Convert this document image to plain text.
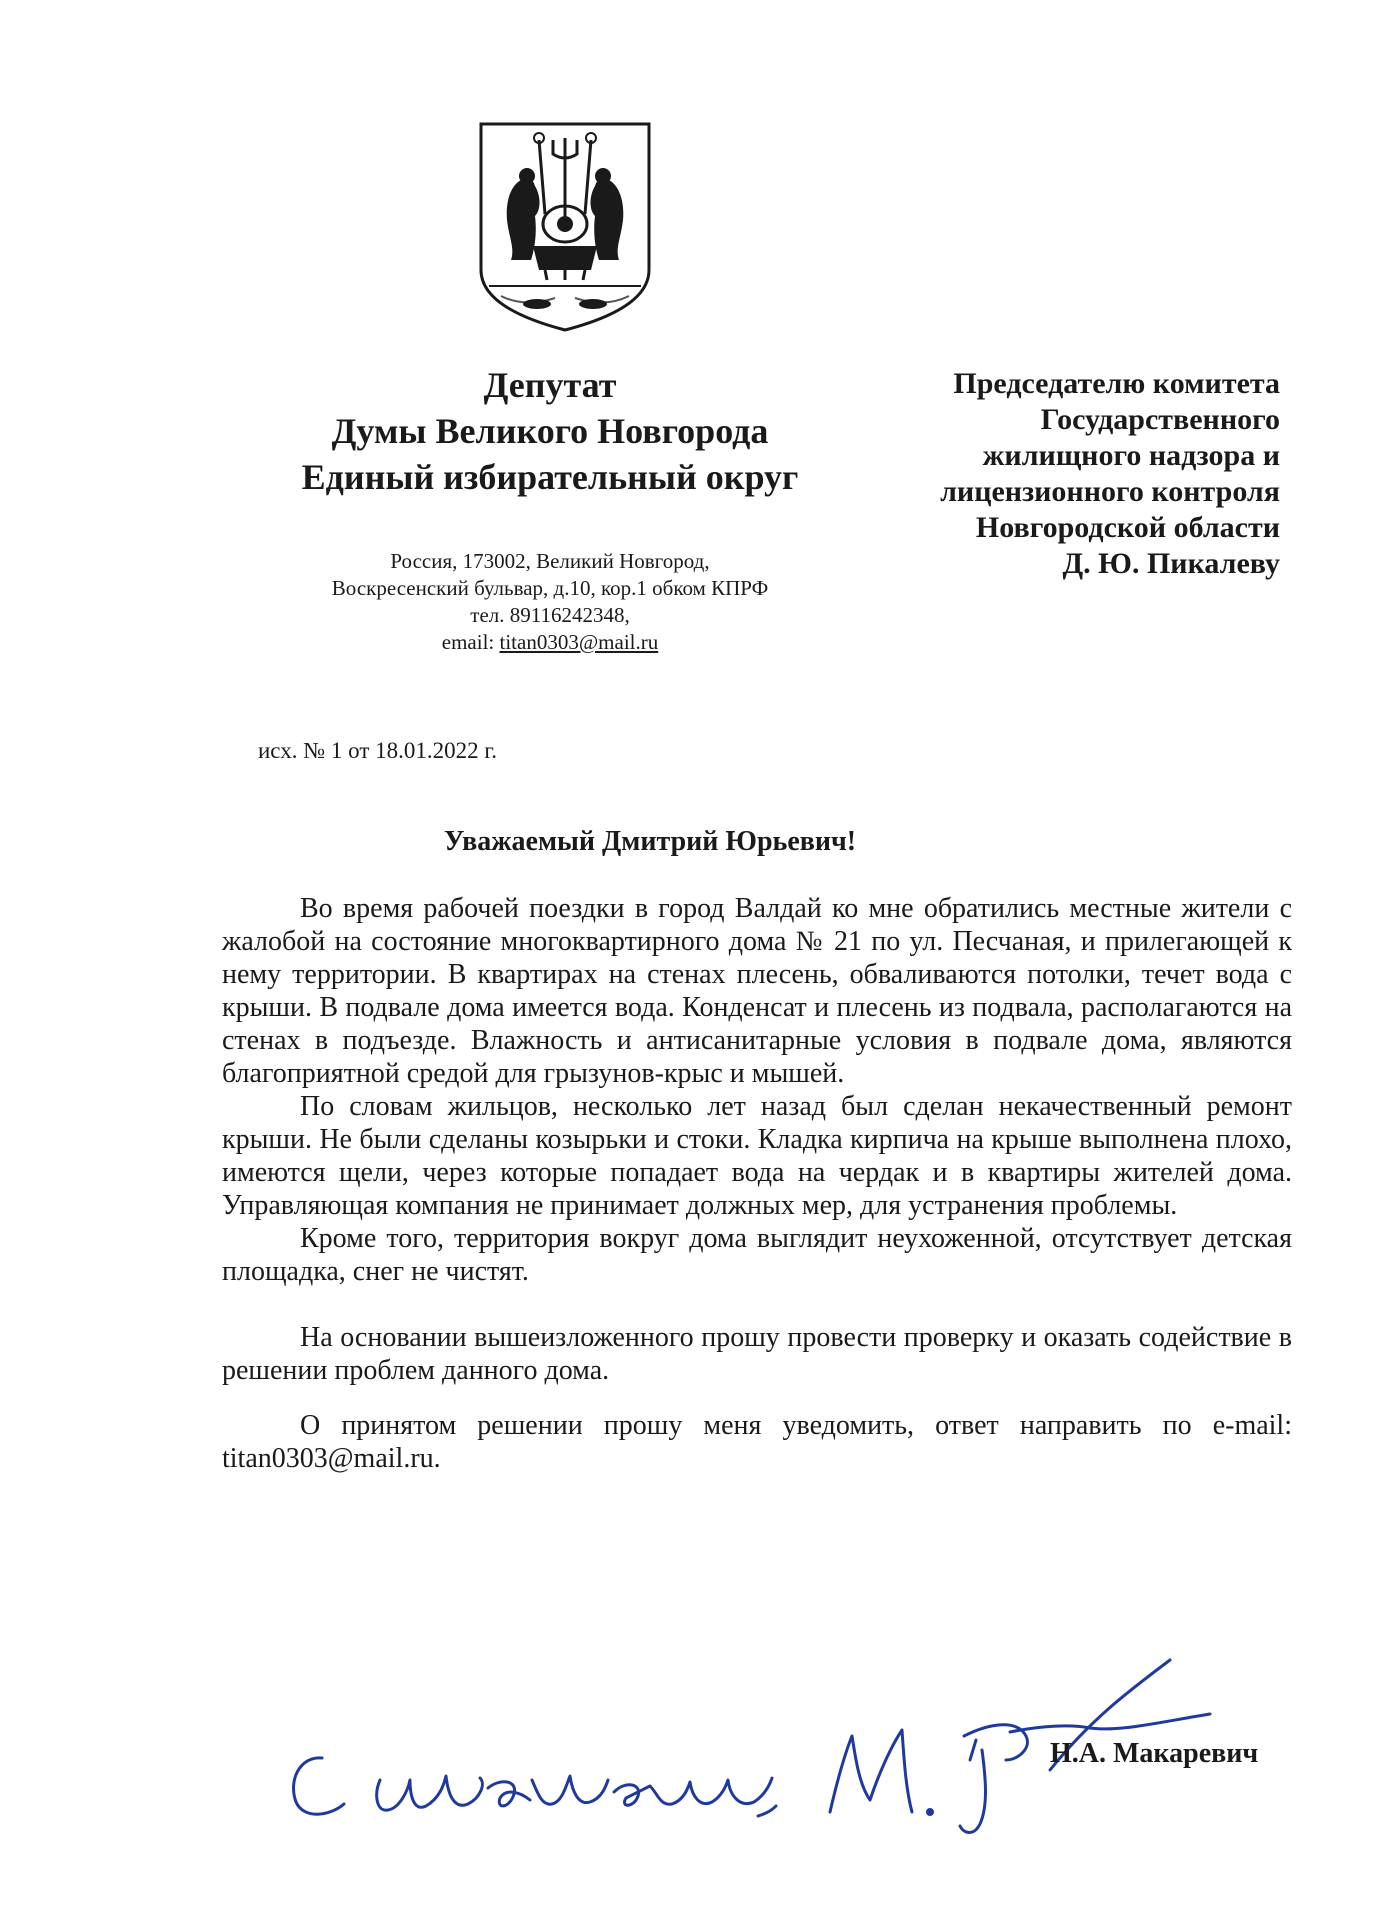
Депутат
Думы Великого Новгорода
Единый избирательный округ
Председателю комитета
Государственного
жилищного надзора и
лицензионного контроля
Новгородской области
Д. Ю. Пикалеву
Россия, 173002, Великий Новгород,
Воскресенский бульвар, д.10, кор.1 обком КПРФ
тел. 89116242348,
email: titan0303@mail.ru
исх. № 1 от 18.01.2022 г.
Уважаемый Дмитрий Юрьевич!

Во время рабочей поездки в город Валдай ко мне обратились местные жители с жалобой на состояние многоквартирного дома № 21 по ул. Песчаная, и прилегающей к нему территории. В квартирах на стенах плесень, обваливаются потолки, течет вода с крыши. В подвале дома имеется вода. Конденсат и плесень из подвала, располагаются на стенах в подъезде. Влажность и антисанитарные условия в подвале дома, являются благоприятной средой для грызунов-крыс и мышей.

По словам жильцов, несколько лет назад был сделан некачественный ремонт крыши. Не были сделаны козырьки и стоки. Кладка кирпича на крыше выполнена плохо, имеются щели, через которые попадает вода на чердак и в квартиры жителей дома. Управляющая компания не принимает должных мер, для устранения проблемы.

Кроме того, территория вокруг дома выглядит неухоженной, отсутствует детская площадка, снег не чистят.

На основании вышеизложенного прошу провести проверку и оказать содействие в решении проблем данного дома.

О принятом решении прошу меня уведомить, ответ направить по e-mail: titan0303@mail.ru.

Н.А. Макаревич
